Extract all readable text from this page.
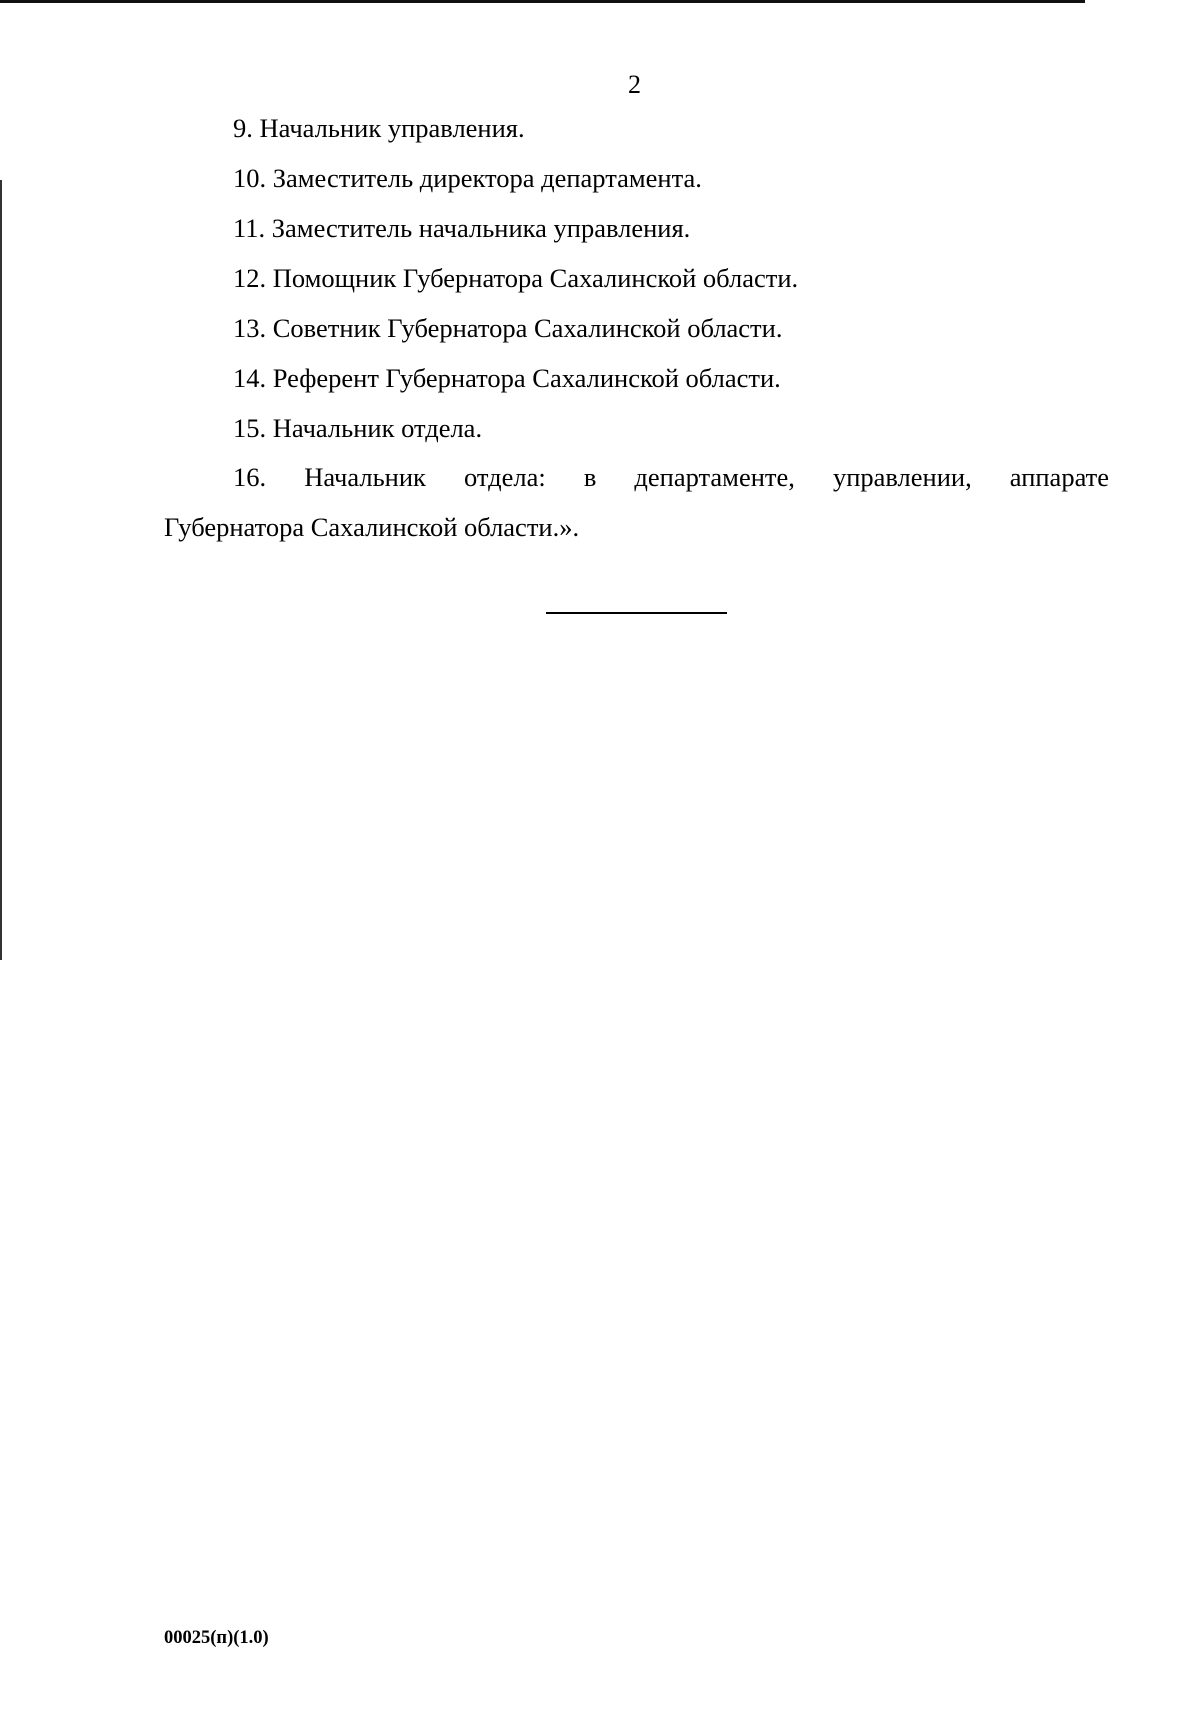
2
9. Начальник управления.
10. Заместитель директора департамента.
11. Заместитель начальника управления.
12. Помощник Губернатора Сахалинской области.
13. Советник Губернатора Сахалинской области.
14. Референт Губернатора Сахалинской области.
15. Начальник отдела.
16. Начальник отдела: в департаменте, управлении, аппарате
Губернатора Сахалинской области.».
00025(п)(1.0)
